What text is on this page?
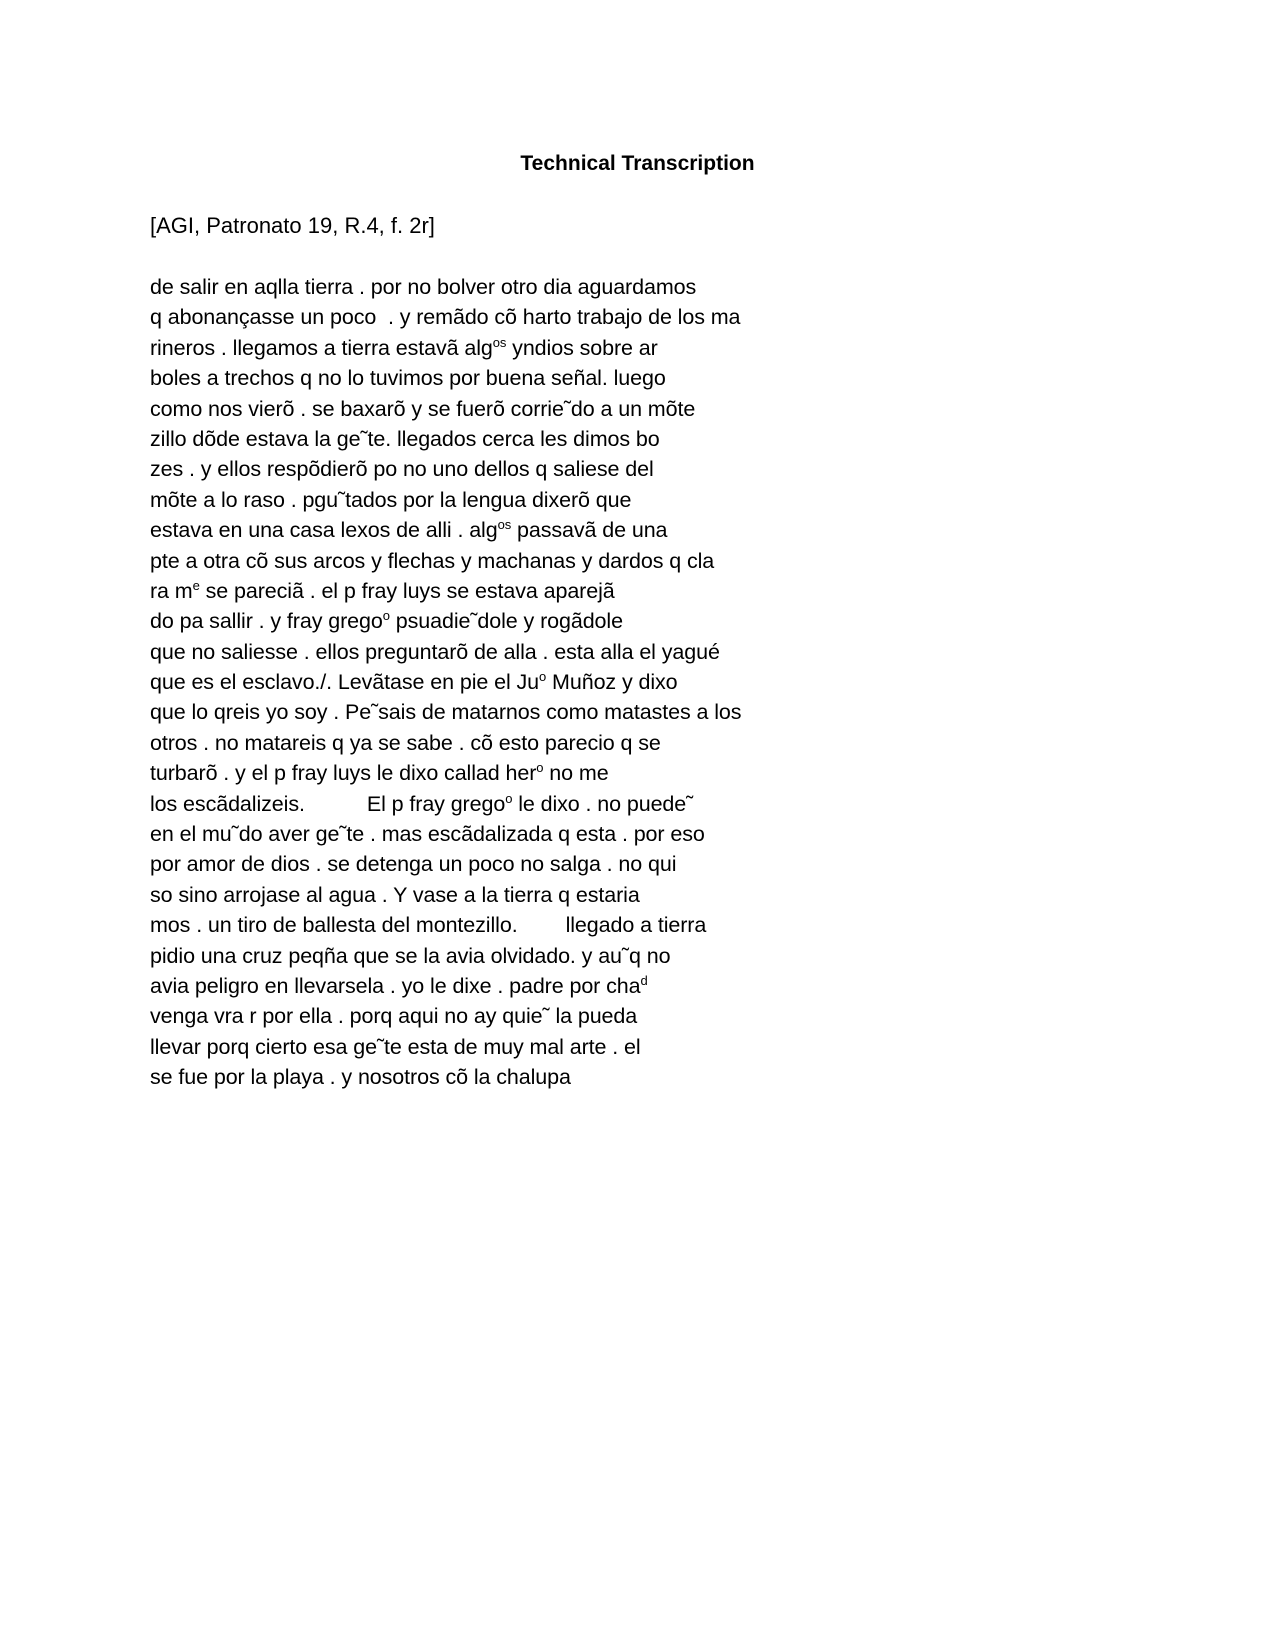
Technical Transcription

[AGI, Patronato 19, R.4, f. 2r]

de salir en aqlla tierra . por no bolver otro dia aguardamos
q abonançasse un poco  . y remãdo cõ harto trabajo de los ma
rineros . llegamos a tierra estavã alg$^{os}$ yndios sobre ar
boles a trechos q no lo tuvimos por buena señal. luego
como nos vierõ . se baxarõ y se fuerõ corrie˜do a un mõte
zillo dõde estava la ge˜te. llegados cerca les dimos bo
zes . y ellos respõdierõ po no uno dellos q saliese del
mõte a lo raso . pgu˜tados por la lengua dixerõ que
estava en una casa lexos de alli . alg$^{os}$ passavã de una
pte a otra cõ sus arcos y flechas y machanas y dardos q cla
ra $m^e$ se pareciã . el p fray luys se estava aparejã
do pa sallir . y fray grego$^o$ psuadie˜dole y rogãdole
que no saliesse . ellos preguntarõ de alla . esta alla el yagué
que es el esclavo./. Levãtase en pie el Ju$^o$ Muñoz y dixo
que lo qreis yo soy . Pe˜sais de matarnos como matastes a los
otros . no matareis q ya se sabe . cõ esto parecio q se
turbarõ . y el p fray luys le dixo callad her$^o$ no me
los escãdalizeis.	El p fray grego$^o$ le dixo . no puede˜
en el mu˜do aver ge˜te . mas escãdalizada q esta . por eso
por amor de dios . se detenga un poco no salga . no qui
so sino arrojase al agua . Y vase a la tierra q estaria
mos . un tiro de ballesta del montezillo. llegado a tierra
pidio una cruz peqña que se la avia olvidado. y au˜q no
avia peligro en llevarsela . yo le dixe . padre por cha$^d$
venga vra r por ella . porq aqui no ay quie˜ la pueda
llevar porq cierto esa ge˜te esta de muy mal arte . el
se fue por la playa . y nosotros cõ la chalupa
